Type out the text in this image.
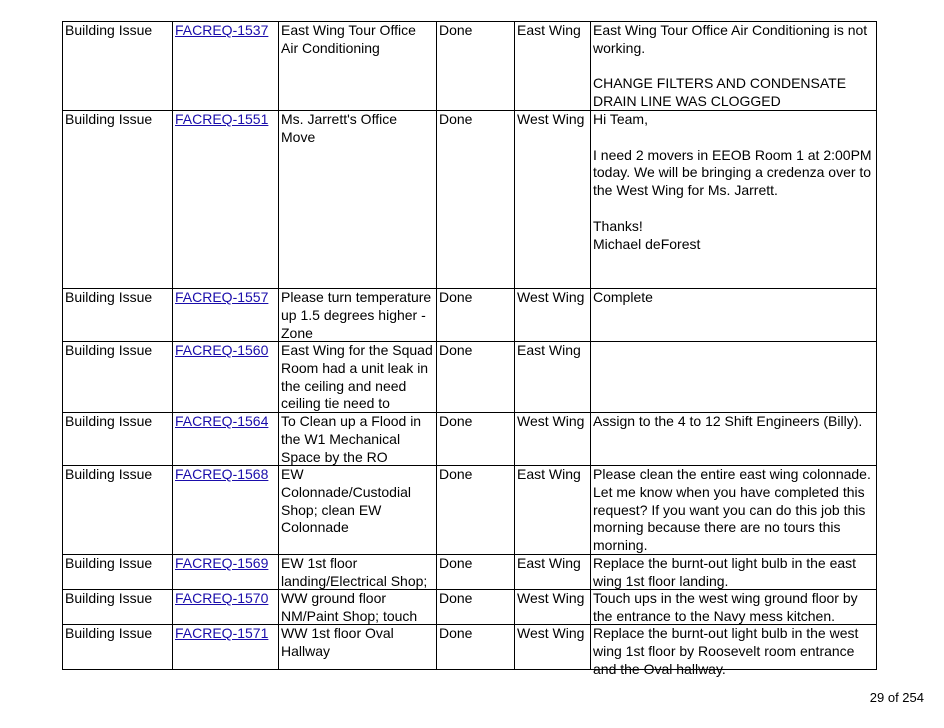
Building Issue	FACREQ-1537	East Wing Tour Office Air Conditioning	Done	East Wing	East Wing Tour Office Air Conditioning is not working.
CHANGE FILTERS AND CONDENSATE DRAIN LINE WAS CLOGGED

Building Issue	FACREQ-1551	Ms. Jarrett's Office Move	Done	West Wing	Hi Team,
I need 2 movers in EEOB Room 1 at 2:00PM today. We will be bringing a credenza over to the West Wing for Ms. Jarrett.
Thanks!
Michael deForest

Building Issue	FACREQ-1557	Please turn temperature up 1.5 degrees higher - Zone	Done	West Wing	Complete

Building Issue	FACREQ-1560	East Wing for the Squad Room had a unit leak in the ceiling and need ceiling tie need to	Done	East Wing	

Building Issue	FACREQ-1564	To Clean up a Flood in the W1 Mechanical Space by the RO	Done	West Wing	Assign to the 4 to 12 Shift Engineers (Billy).

Building Issue	FACREQ-1568	EW Colonnade/Custodial Shop; clean EW Colonnade	Done	East Wing	Please clean the entire east wing colonnade. Let me know when you have completed this request? If you want you can do this job this morning because there are no tours this morning.

Building Issue	FACREQ-1569	EW 1st floor landing/Electrical Shop;	Done	East Wing	Replace the burnt-out light bulb in the east wing 1st floor landing.

Building Issue	FACREQ-1570	WW ground floor NM/Paint Shop; touch	Done	West Wing	Touch ups in the west wing ground floor by the entrance to the Navy mess kitchen.

Building Issue	FACREQ-1571	WW 1st floor Oval Hallway	Done	West Wing	Replace the burnt-out light bulb in the west wing 1st floor by Roosevelt room entrance and the Oval hallway.
29 of 254
